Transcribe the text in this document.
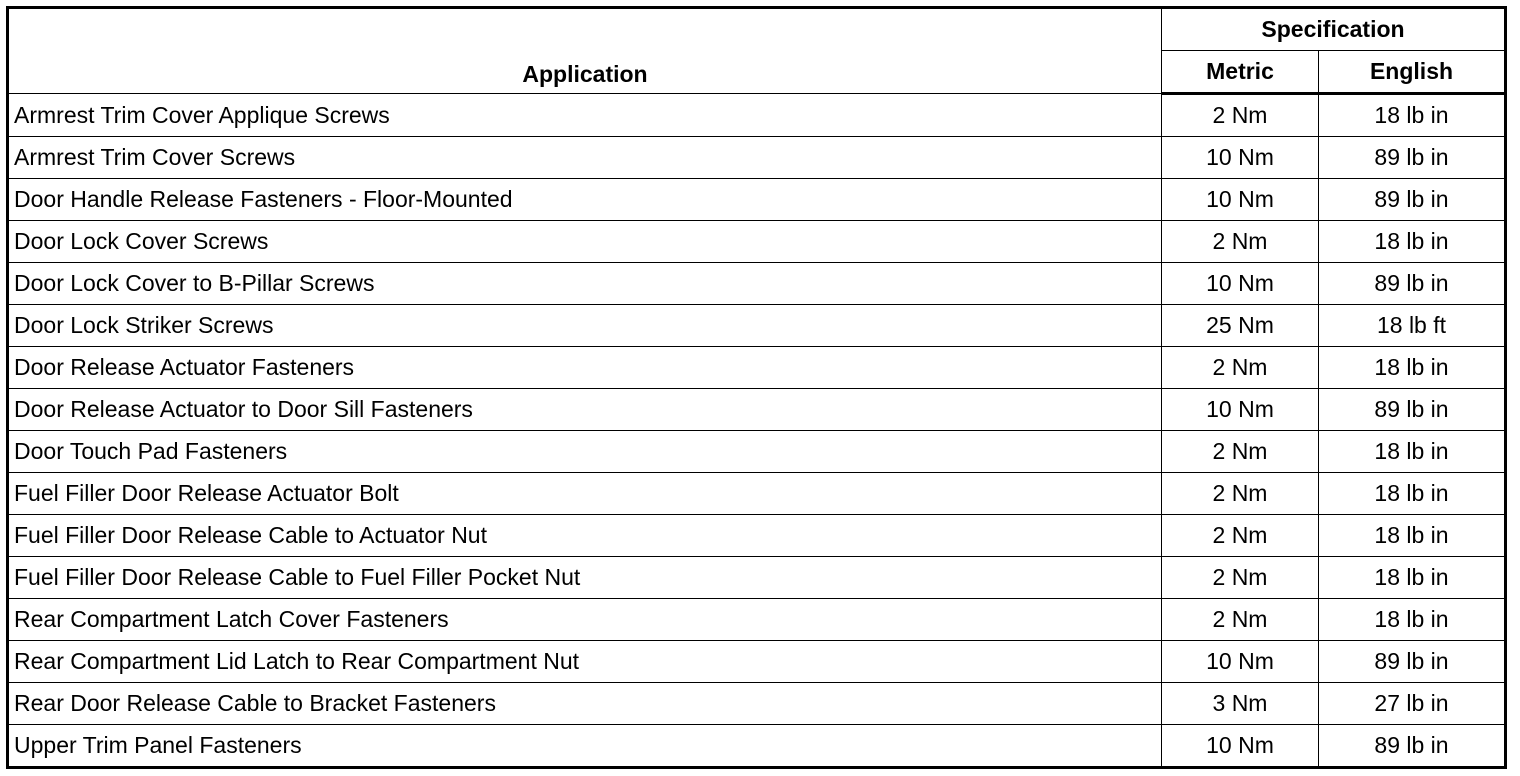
Application	Specification	
	Metric	English
Armrest Trim Cover Applique Screws	2 Nm	18 lb in
Armrest Trim Cover Screws	10 Nm	89 lb in
Door Handle Release Fasteners - Floor-Mounted	10 Nm	89 lb in
Door Lock Cover Screws	2 Nm	18 lb in
Door Lock Cover to B-Pillar Screws	10 Nm	89 lb in
Door Lock Striker Screws	25 Nm	18 lb ft
Door Release Actuator Fasteners	2 Nm	18 lb in
Door Release Actuator to Door Sill Fasteners	10 Nm	89 lb in
Door Touch Pad Fasteners	2 Nm	18 lb in
Fuel Filler Door Release Actuator Bolt	2 Nm	18 lb in
Fuel Filler Door Release Cable to Actuator Nut	2 Nm	18 lb in
Fuel Filler Door Release Cable to Fuel Filler Pocket Nut	2 Nm	18 lb in
Rear Compartment Latch Cover Fasteners	2 Nm	18 lb in
Rear Compartment Lid Latch to Rear Compartment Nut	10 Nm	89 lb in
Rear Door Release Cable to Bracket Fasteners	3 Nm	27 lb in
Upper Trim Panel Fasteners	10 Nm	89 lb in
